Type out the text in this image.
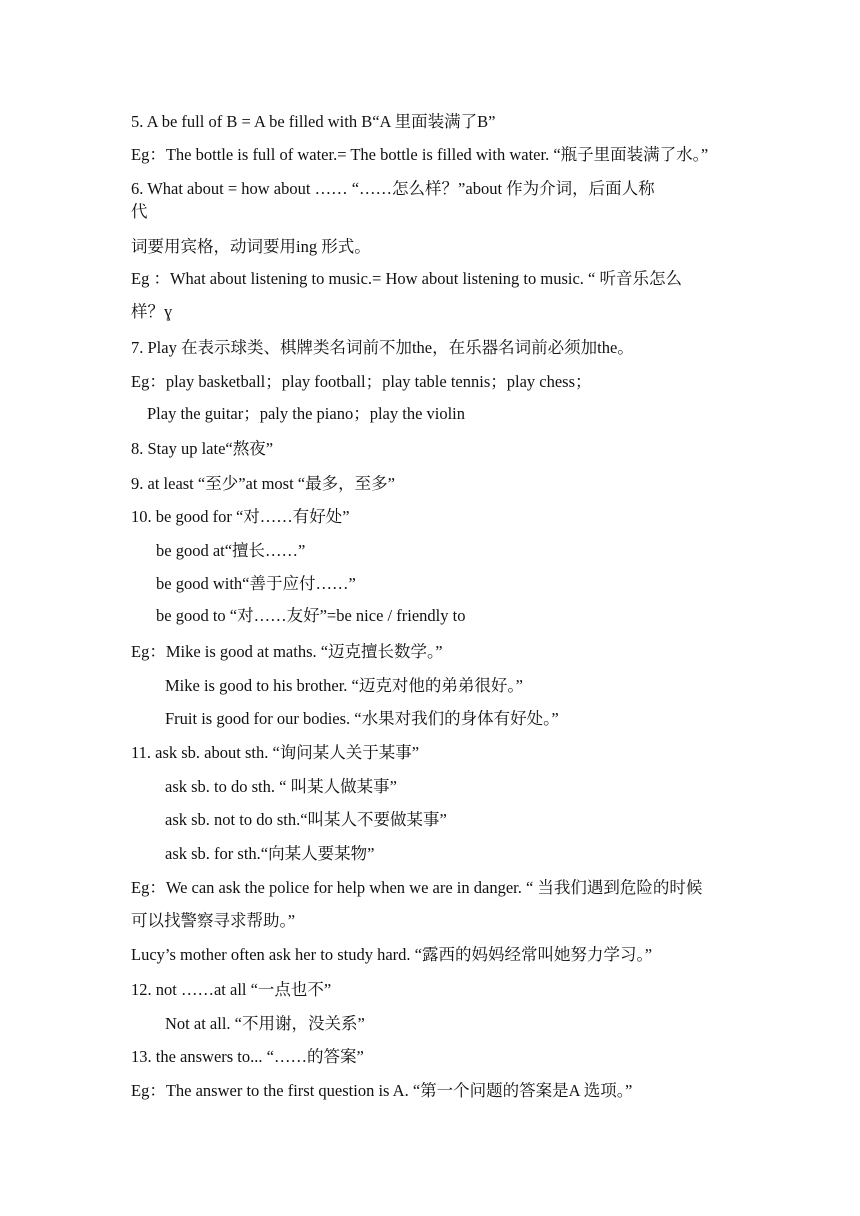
5. A be full of B = A be filled with B“A 里面装满了B”
Eg：The bottle is full of water.= The bottle is filled with water. “瓶子里面装满了水。”
6. What about = how about …… “……怎么样？”about 作为介词，后面人称
代
词要用宾格，动词要用ing 形式。
Eg ：What about listening to music.= How about listening to music. “ 听音乐怎么
样？ɣ
7. Play 在表示球类、棋牌类名词前不加the，在乐器名词前必须加the。
Eg：play basketball；play football；play table tennis；play chess；
Play the guitar；paly the piano；play the violin
8. Stay up late“熬夜”
9. at least “至少”at most “最多，至多”
10. be good for “对……有好处”
be good at“擅长……”
be good with“善于应付……”
be good to “对……友好”=be nice / friendly to
Eg：Mike is good at maths. “迈克擅长数学。”
Mike is good to his brother. “迈克对他的弟弟很好。”
Fruit is good for our bodies. “水果对我们的身体有好处。”
11. ask sb. about sth. “询问某人关于某事”
ask sb. to do sth. “ 叫某人做某事”
ask sb. not to do sth.“叫某人不要做某事”
ask sb. for sth.“向某人要某物”
Eg：We can ask the police for help when we are in danger. “ 当我们遇到危险的时候
可以找警察寻求帮助。”
Lucy’s mother often ask her to study hard. “露西的妈妈经常叫她努力学习。”
12. not ……at all “一点也不”
Not at all. “不用谢，没关系”
13. the answers to... “……的答案”
Eg：The answer to the first question is A. “第一个问题的答案是A 选项。”
